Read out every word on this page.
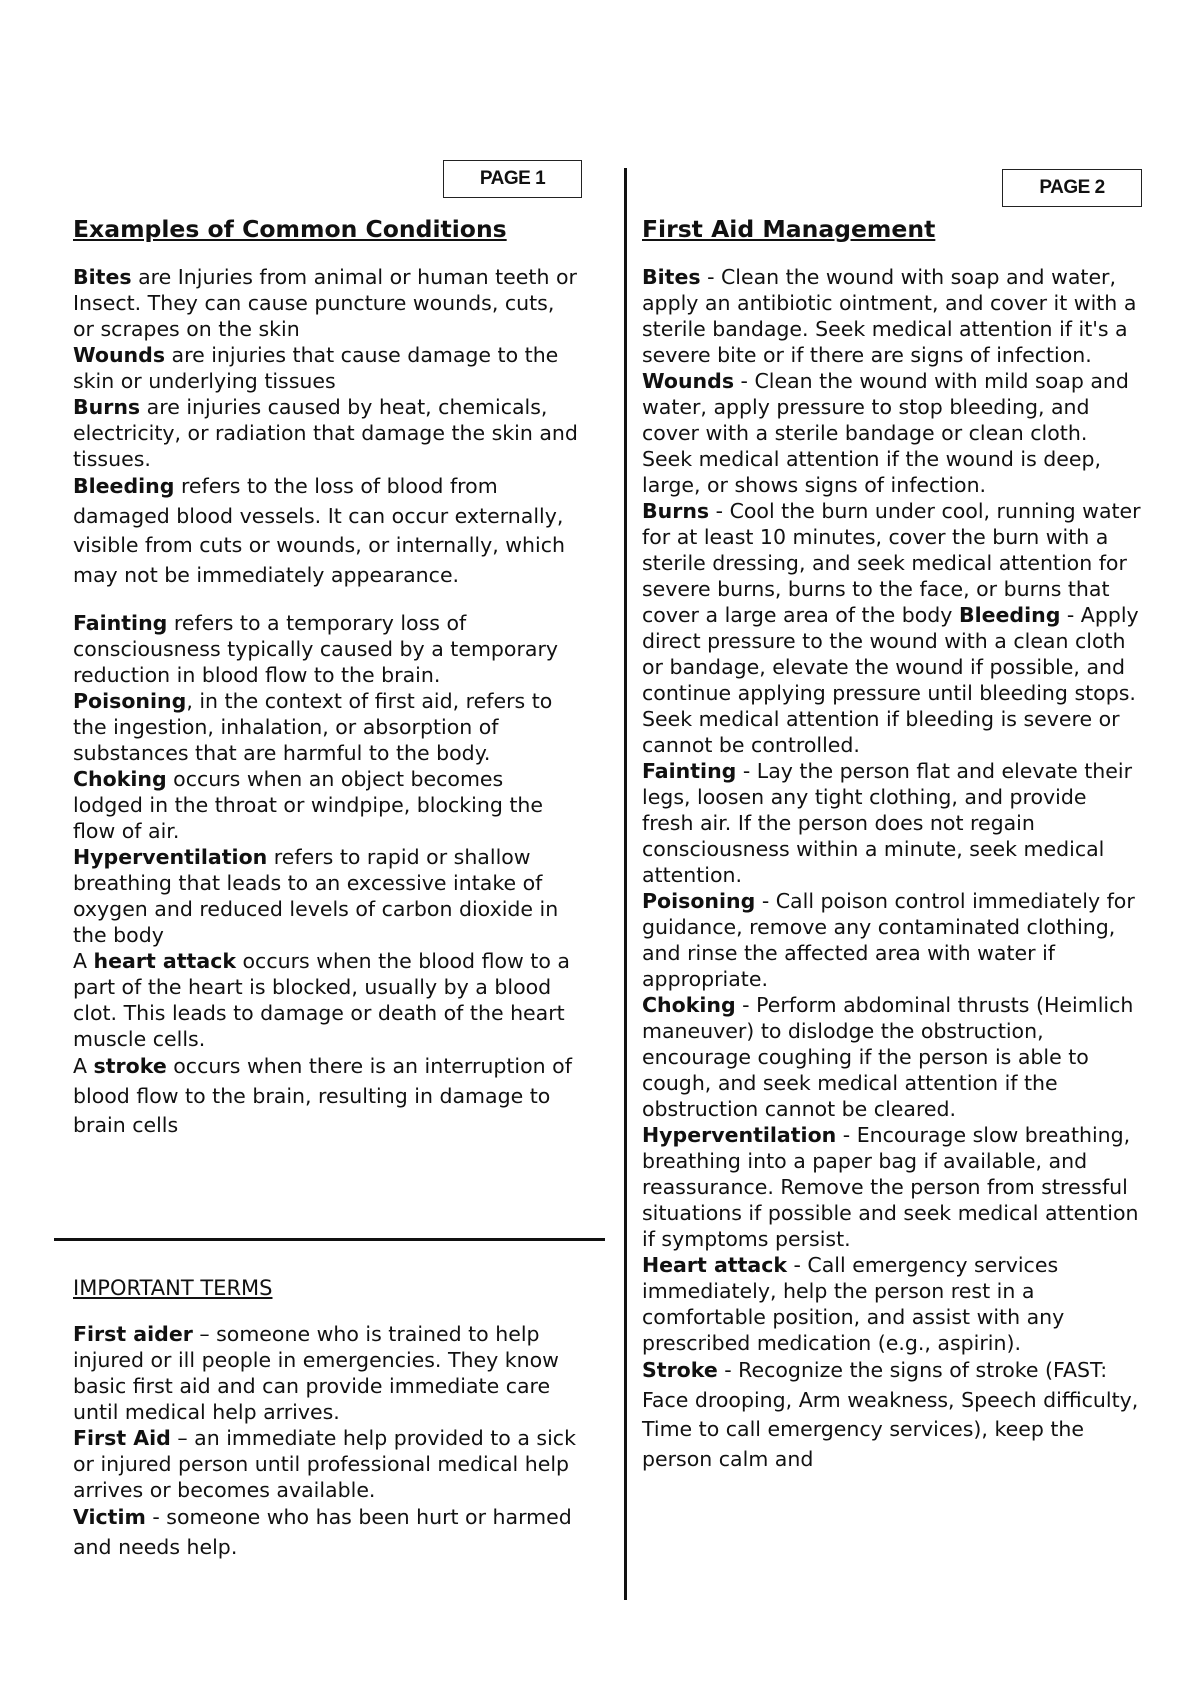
PAGE 1	PAGE 2
Examples of Common Conditions

Bites are Injuries from animal or human teeth or Insect. They can cause puncture wounds, cuts, or scrapes on the skin

Wounds are injuries that cause damage to the skin or underlying tissues

Burns are injuries caused by heat, chemicals, electricity, or radiation that damage the skin and tissues.

Bleeding refers to the loss of blood from damaged blood vessels. It can occur externally, visible from cuts or wounds, or internally, which may not be immediately appearance.

Fainting refers to a temporary loss of consciousness typically caused by a temporary reduction in blood flow to the brain.

Poisoning, in the context of first aid, refers to the ingestion, inhalation, or absorption of substances that are harmful to the body.

Choking occurs when an object becomes lodged in the throat or windpipe, blocking the flow of air.

Hyperventilation refers to rapid or shallow breathing that leads to an excessive intake of oxygen and reduced levels of carbon dioxide in the body

A heart attack occurs when the blood flow to a part of the heart is blocked, usually by a blood clot. This leads to damage or death of the heart muscle cells.

A stroke occurs when there is an interruption of blood flow to the brain, resulting in damage to brain cells

IMPORTANT TERMS

First aider – someone who is trained to help injured or ill people in emergencies. They know basic first aid and can provide immediate care until medical help arrives.

First Aid – an immediate help provided to a sick or injured person until professional medical help arrives or becomes available.

Victim - someone who has been hurt or harmed and needs help.

First Aid Management

Bites - Clean the wound with soap and water, apply an antibiotic ointment, and cover it with a sterile bandage. Seek medical attention if it's a severe bite or if there are signs of infection.

Wounds - Clean the wound with mild soap and water, apply pressure to stop bleeding, and cover with a sterile bandage or clean cloth. Seek medical attention if the wound is deep, large, or shows signs of infection.

Burns - Cool the burn under cool, running water for at least 10 minutes, cover the burn with a sterile dressing, and seek medical attention for severe burns, burns to the face, or burns that cover a large area of the body Bleeding - Apply direct pressure to the wound with a clean cloth or bandage, elevate the wound if possible, and continue applying pressure until bleeding stops. Seek medical attention if bleeding is severe or cannot be controlled.

Fainting - Lay the person flat and elevate their legs, loosen any tight clothing, and provide fresh air. If the person does not regain consciousness within a minute, seek medical attention.

Poisoning - Call poison control immediately for guidance, remove any contaminated clothing, and rinse the affected area with water if appropriate.

Choking - Perform abdominal thrusts (Heimlich maneuver) to dislodge the obstruction, encourage coughing if the person is able to cough, and seek medical attention if the obstruction cannot be cleared.

Hyperventilation - Encourage slow breathing, breathing into a paper bag if available, and reassurance. Remove the person from stressful situations if possible and seek medical attention if symptoms persist.

Heart attack - Call emergency services immediately, help the person rest in a comfortable position, and assist with any prescribed medication (e.g., aspirin).

Stroke - Recognize the signs of stroke (FAST: Face drooping, Arm weakness, Speech difficulty, Time to call emergency services), keep the person calm and
